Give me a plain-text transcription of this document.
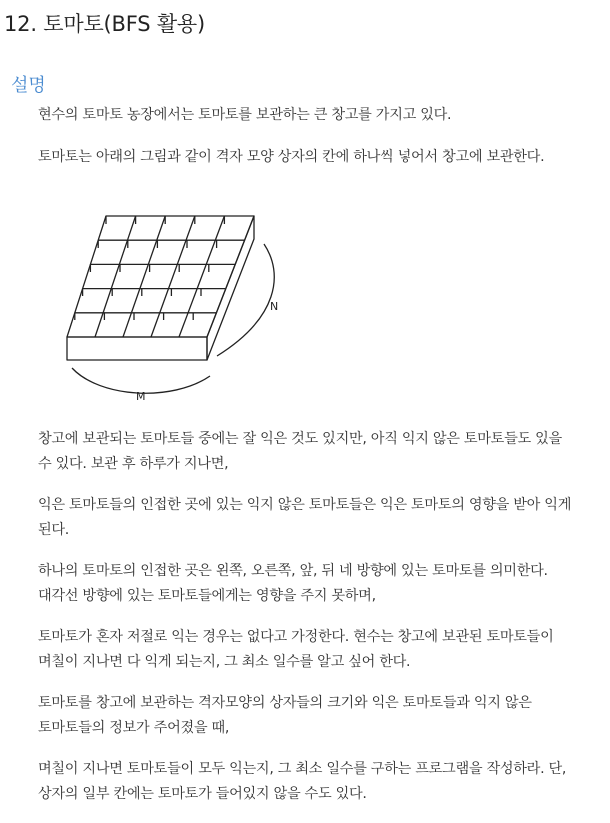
12. 토마토(BFS 활용)
설명

현수의 토마토 농장에서는 토마토를 보관하는 큰 창고를 가지고 있다.

토마토는 아래의 그림과 같이 격자 모양 상자의 칸에 하나씩 넣어서 창고에 보관한다.

N
M

창고에 보관되는 토마토들 중에는 잘 익은 것도 있지만, 아직 익지 않은 토마토들도 있을 수 있다. 보관 후 하루가 지나면,

익은 토마토들의 인접한 곳에 있는 익지 않은 토마토들은 익은 토마토의 영향을 받아 익게 된다.

하나의 토마토의 인접한 곳은 왼쪽, 오른쪽, 앞, 뒤 네 방향에 있는 토마토를 의미한다. 대각선 방향에 있는 토마토들에게는 영향을 주지 못하며,

토마토가 혼자 저절로 익는 경우는 없다고 가정한다. 현수는 창고에 보관된 토마토들이 며칠이 지나면 다 익게 되는지, 그 최소 일수를 알고 싶어 한다.

토마토를 창고에 보관하는 격자모양의 상자들의 크기와 익은 토마토들과 익지 않은 토마토들의 정보가 주어졌을 때,

며칠이 지나면 토마토들이 모두 익는지, 그 최소 일수를 구하는 프로그램을 작성하라. 단, 상자의 일부 칸에는 토마토가 들어있지 않을 수도 있다.
